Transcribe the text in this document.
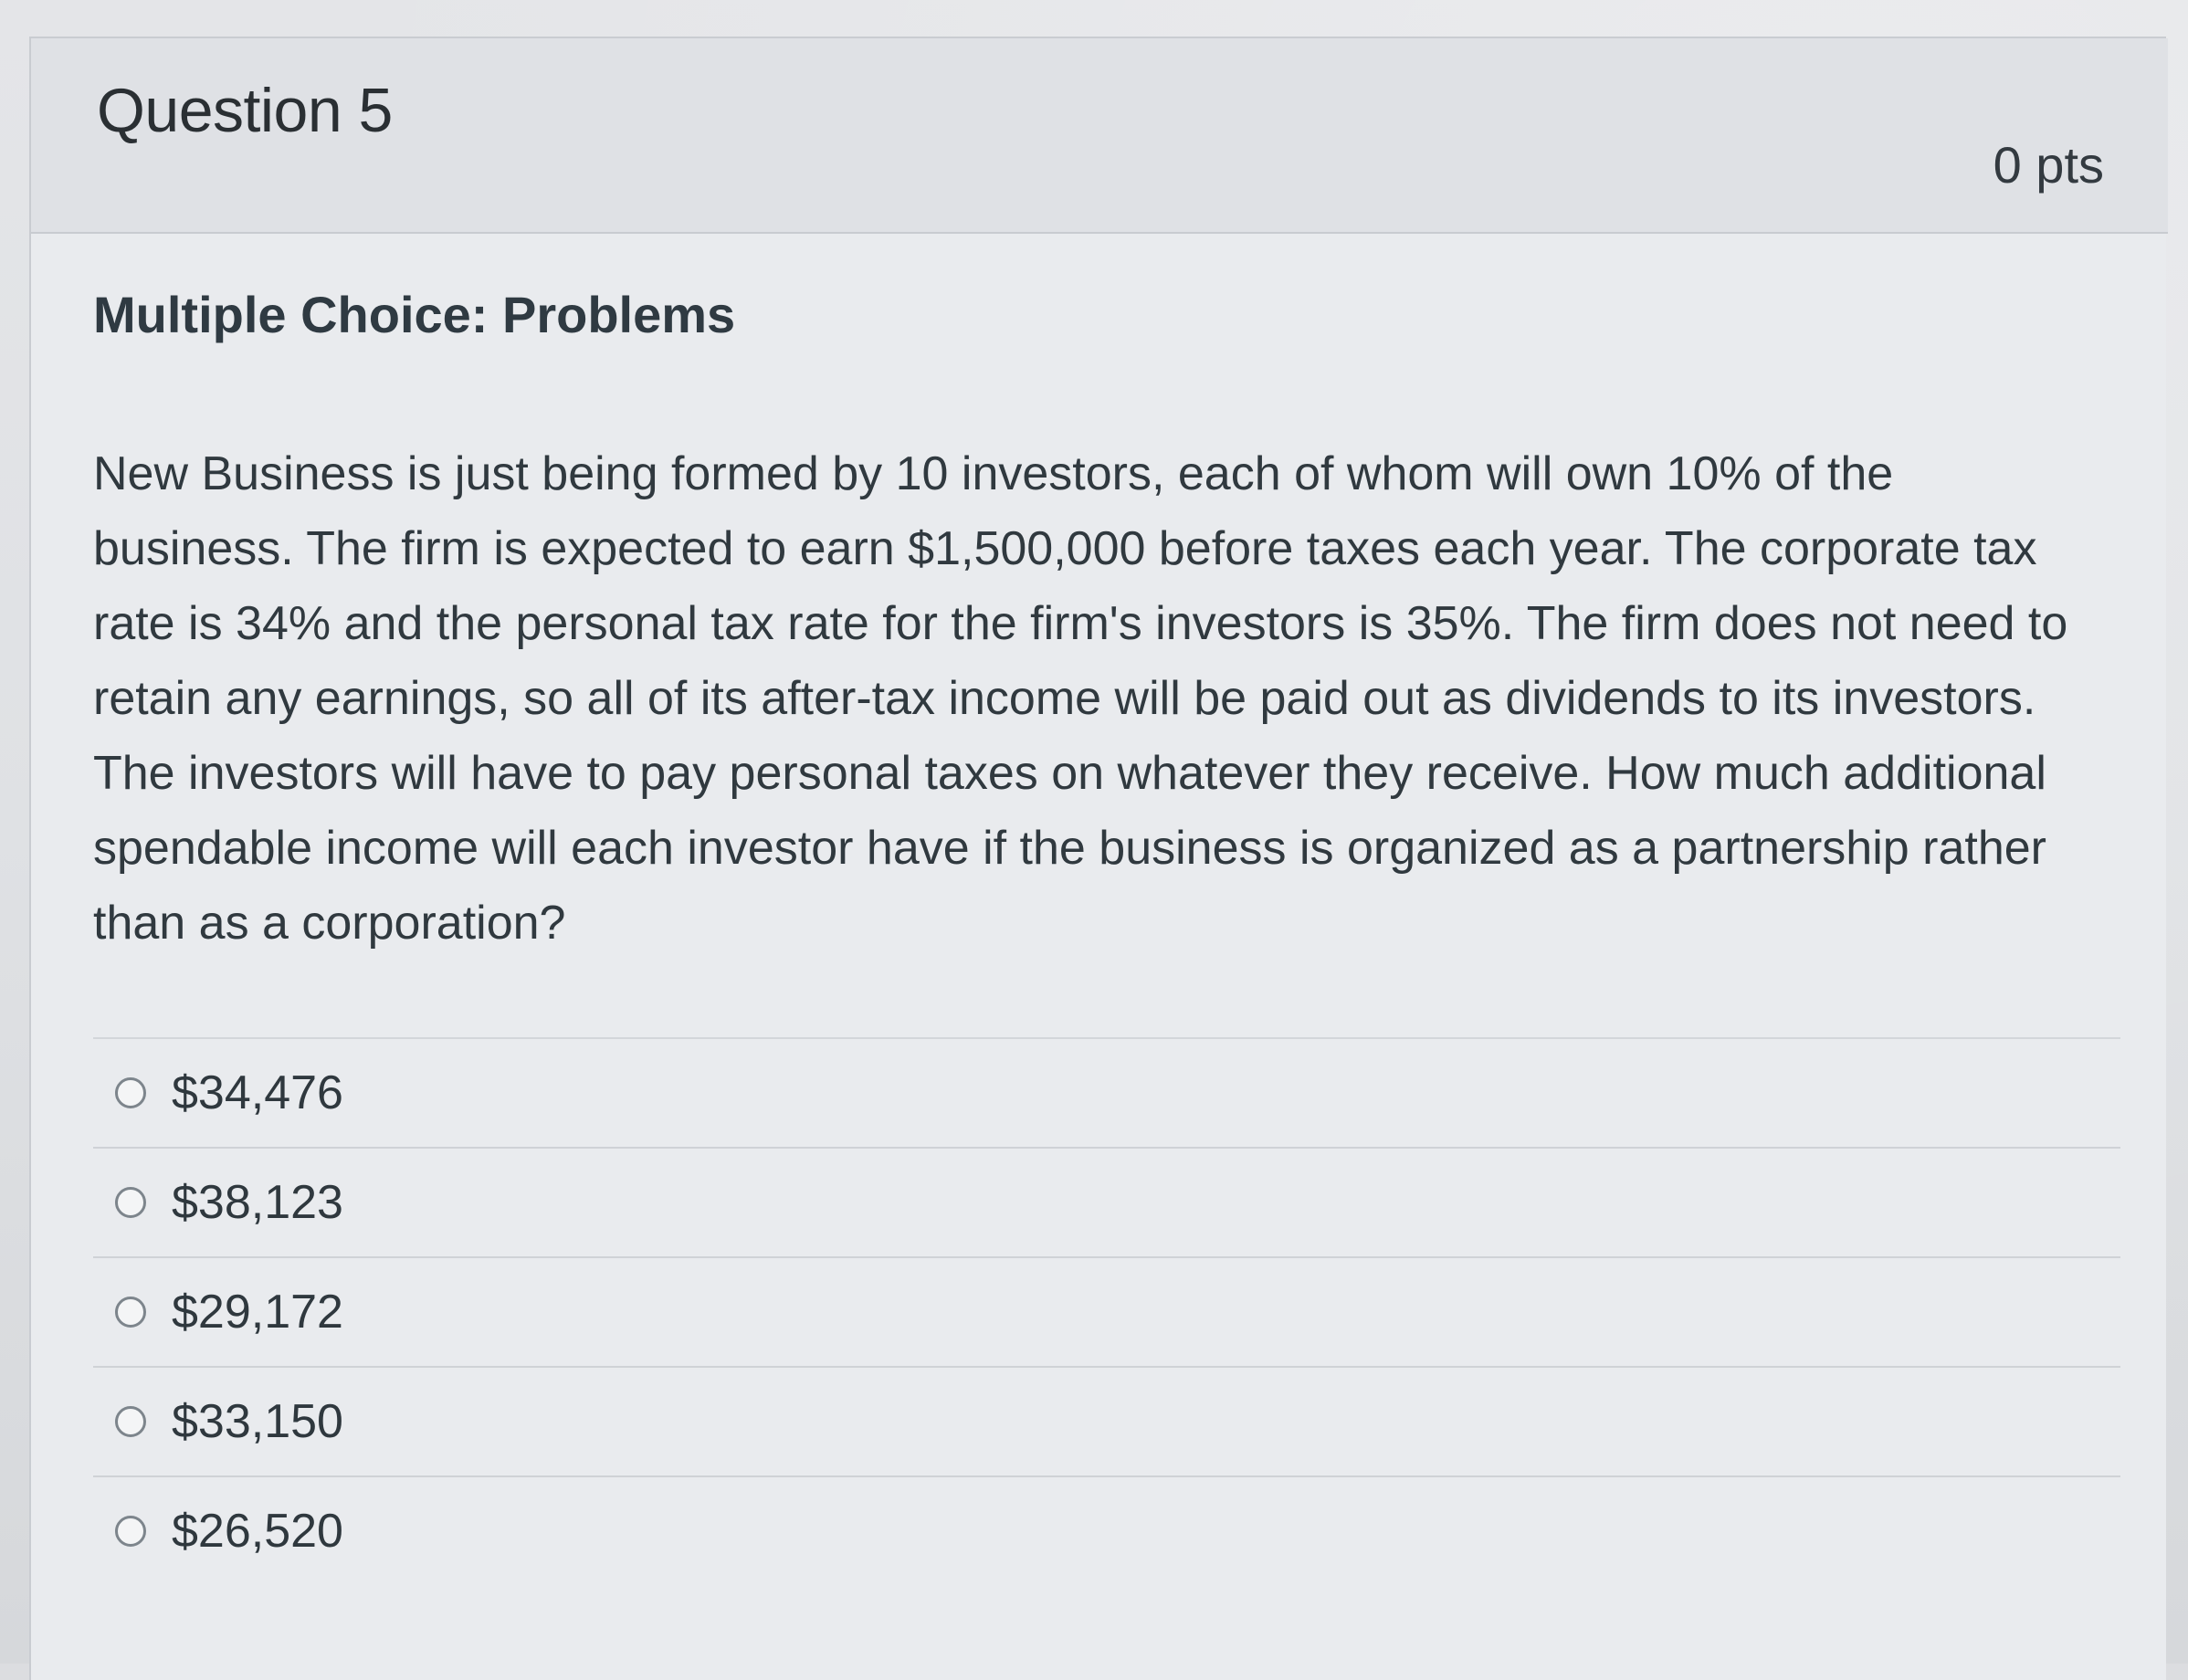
Question 5
0 pts
Multiple Choice: Problems

New Business is just being formed by 10 investors, each of whom will own 10% of the business. The firm is expected to earn $1,500,000 before taxes each year. The corporate tax rate is 34% and the personal tax rate for the firm's investors is 35%. The firm does not need to retain any earnings, so all of its after-tax income will be paid out as dividends to its investors. The investors will have to pay personal taxes on whatever they receive. How much additional spendable income will each investor have if the business is organized as a partnership rather than as a corporation?

$34,476
$38,123
$29,172
$33,150
$26,520
